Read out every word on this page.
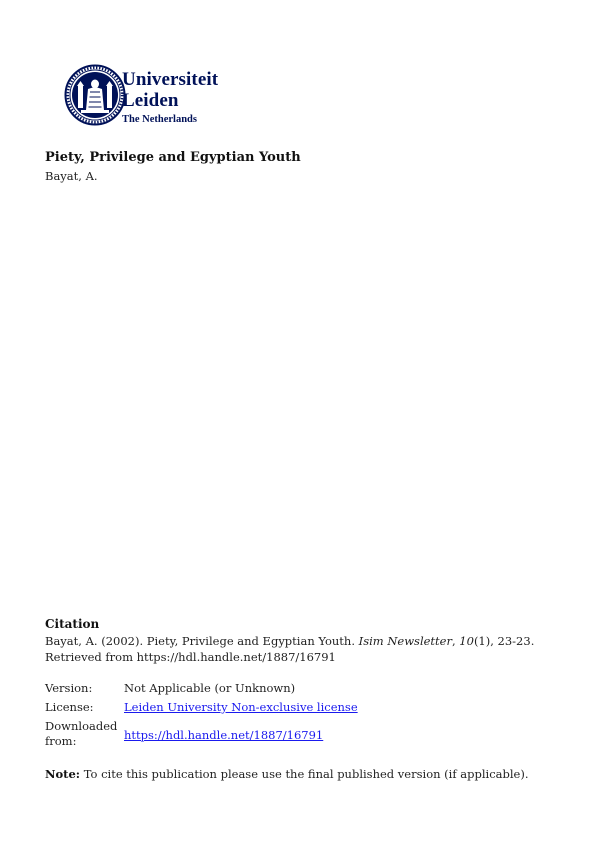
Universiteit
Leiden
The Netherlands
Piety, Privilege and Egyptian Youth
Bayat, A.
Citation
Bayat, A. (2002). Piety, Privilege and Egyptian Youth. Isim Newsletter, 10(1), 23-23.
Retrieved from https://hdl.handle.net/1887/16791
Version:	Not Applicable (or Unknown)
License:	Leiden University Non-exclusive license
Downloaded
from:	https://hdl.handle.net/1887/16791
Note: To cite this publication please use the final published version (if applicable).
